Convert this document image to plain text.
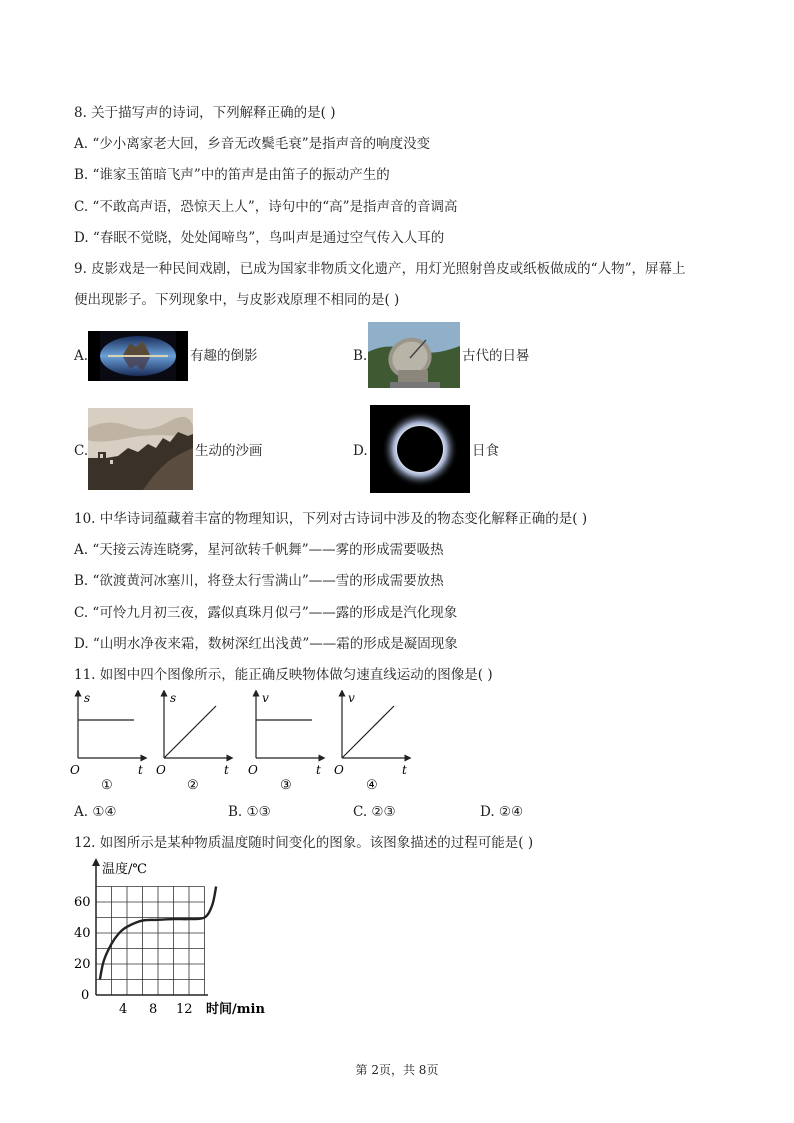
8. 关于描写声的诗词，下列解释正确的是( )
A. “少小离家老大回，乡音无改鬓毛衰”是指声音的响度没变
B. “谁家玉笛暗飞声”中的笛声是由笛子的振动产生的
C. “不敢高声语，恐惊天上人”，诗句中的“高”是指声音的音调高
D. “春眠不觉晓，处处闻啼鸟”，鸟叫声是通过空气传入人耳的
9. 皮影戏是一种民间戏剧，已成为国家非物质文化遗产，用灯光照射兽皮或纸板做成的“人物”，屏幕上
便出现影子。下列现象中，与皮影戏原理不相同的是( )
A.	有趣的倒影	B.	古代的日晷
C.	生动的沙画	D.	日食
10. 中华诗词蕴藏着丰富的物理知识，下列对古诗词中涉及的物态变化解释正确的是( )
A. “天接云涛连晓雾，星河欲转千帆舞”——雾的形成需要吸热
B. “欲渡黄河冰塞川，将登太行雪满山”——雪的形成需要放热
C. “可怜九月初三夜，露似真珠月似弓”——露的形成是汽化现象
D. “山明水净夜来霜，数树深红出浅黄”——霜的形成是凝固现象
11. 如图中四个图像所示，能正确反映物体做匀速直线运动的图像是( )
s
O	t
①
s
O	t
②
v
O	t
③
v
O	t
④
A. ①④	B. ①③	C. ②③	D. ②④
12. 如图所示是某种物质温度随时间变化的图象。该图象描述的过程可能是( )
温度/℃
60
40
20
0
4 8 12 时间/min
第 2页，共 8页
